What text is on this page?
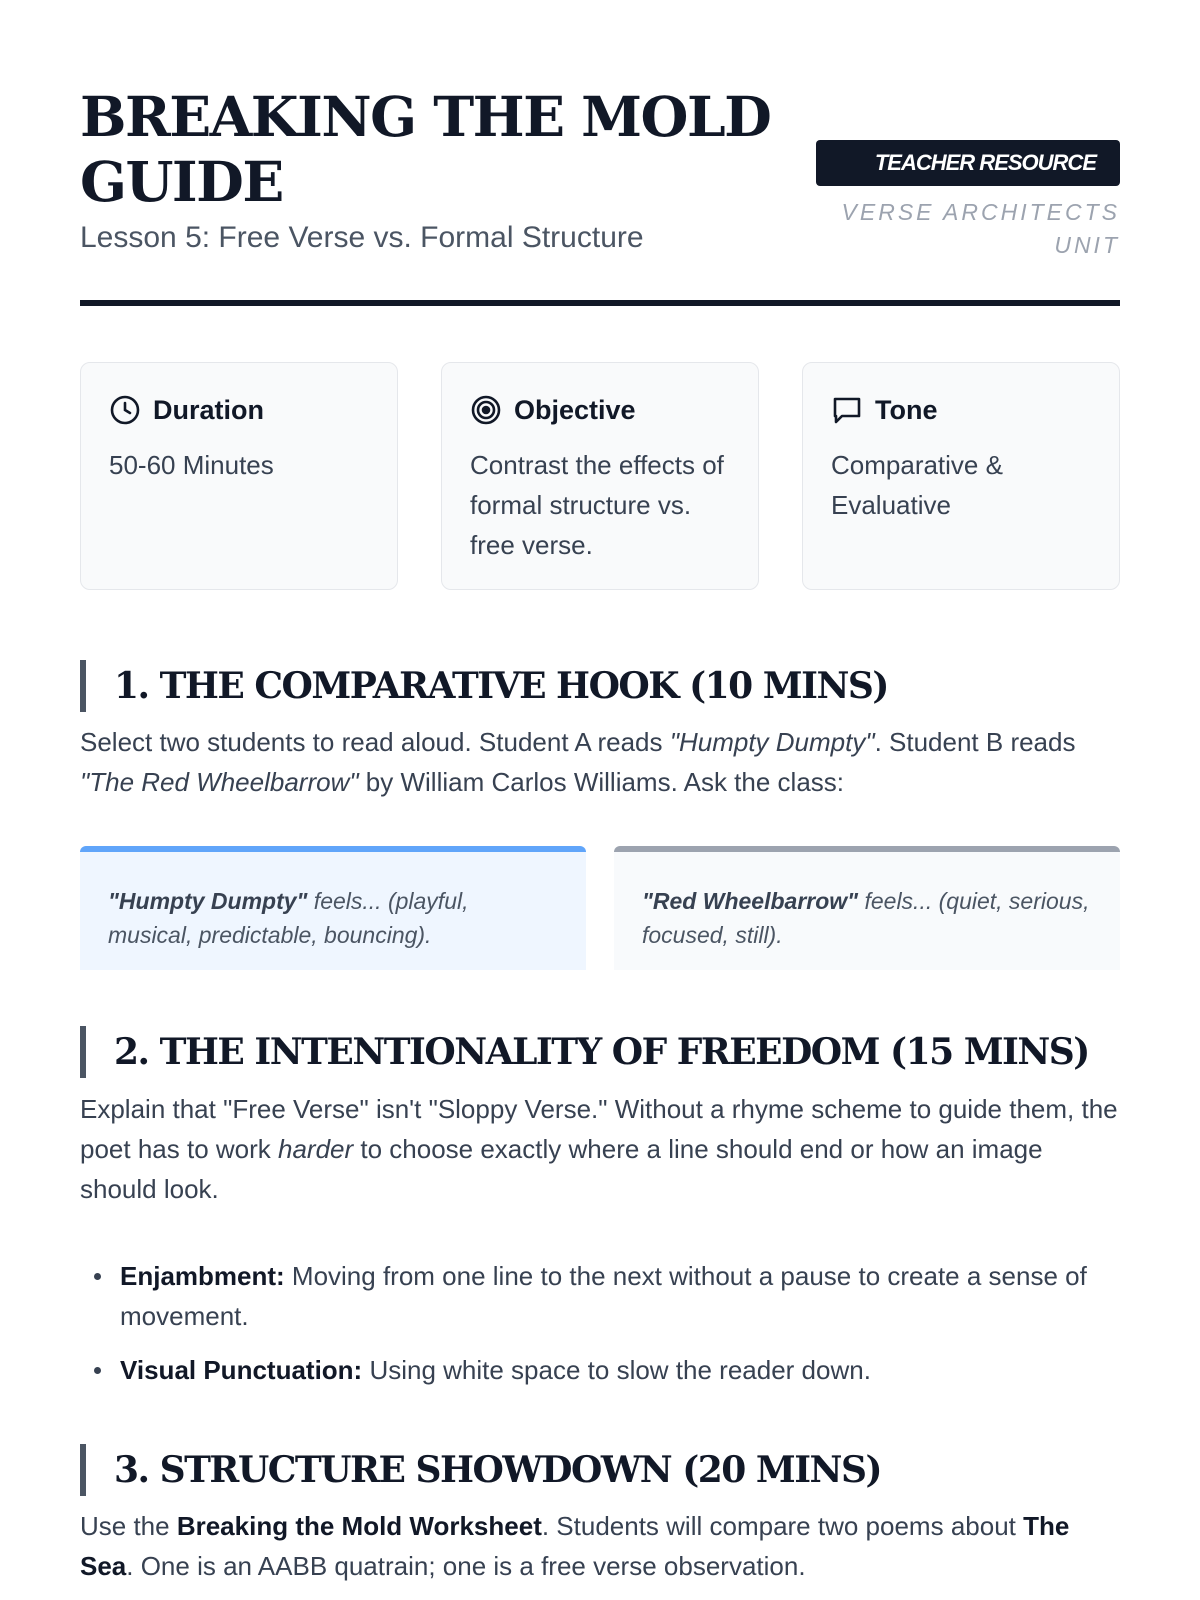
BREAKING THE MOLD GUIDE

Lesson 5: Free Verse vs. Formal Structure

TEACHER RESOURCE
VERSE ARCHITECTS UNIT
Duration
50-60 Minutes
Objective
Contrast the effects of formal structure vs. free verse.
Tone
Comparative & Evaluative
1. THE COMPARATIVE HOOK (10 MINS)

Select two students to read aloud. Student A reads "Humpty Dumpty". Student B reads "The Red Wheelbarrow" by William Carlos Williams. Ask the class:

"Humpty Dumpty" feels... (playful, musical, predictable, bouncing).
"Red Wheelbarrow" feels... (quiet, serious, focused, still).
2. THE INTENTIONALITY OF FREEDOM (15 MINS)

Explain that "Free Verse" isn't "Sloppy Verse." Without a rhyme scheme to guide them, the poet has to work harder to choose exactly where a line should end or how an image should look.

Enjambment: Moving from one line to the next without a pause to create a sense of movement.
Visual Punctuation: Using white space to slow the reader down.
3. STRUCTURE SHOWDOWN (20 MINS)

Use the Breaking the Mold Worksheet. Students will compare two poems about The Sea. One is an AABB quatrain; one is a free verse observation.
